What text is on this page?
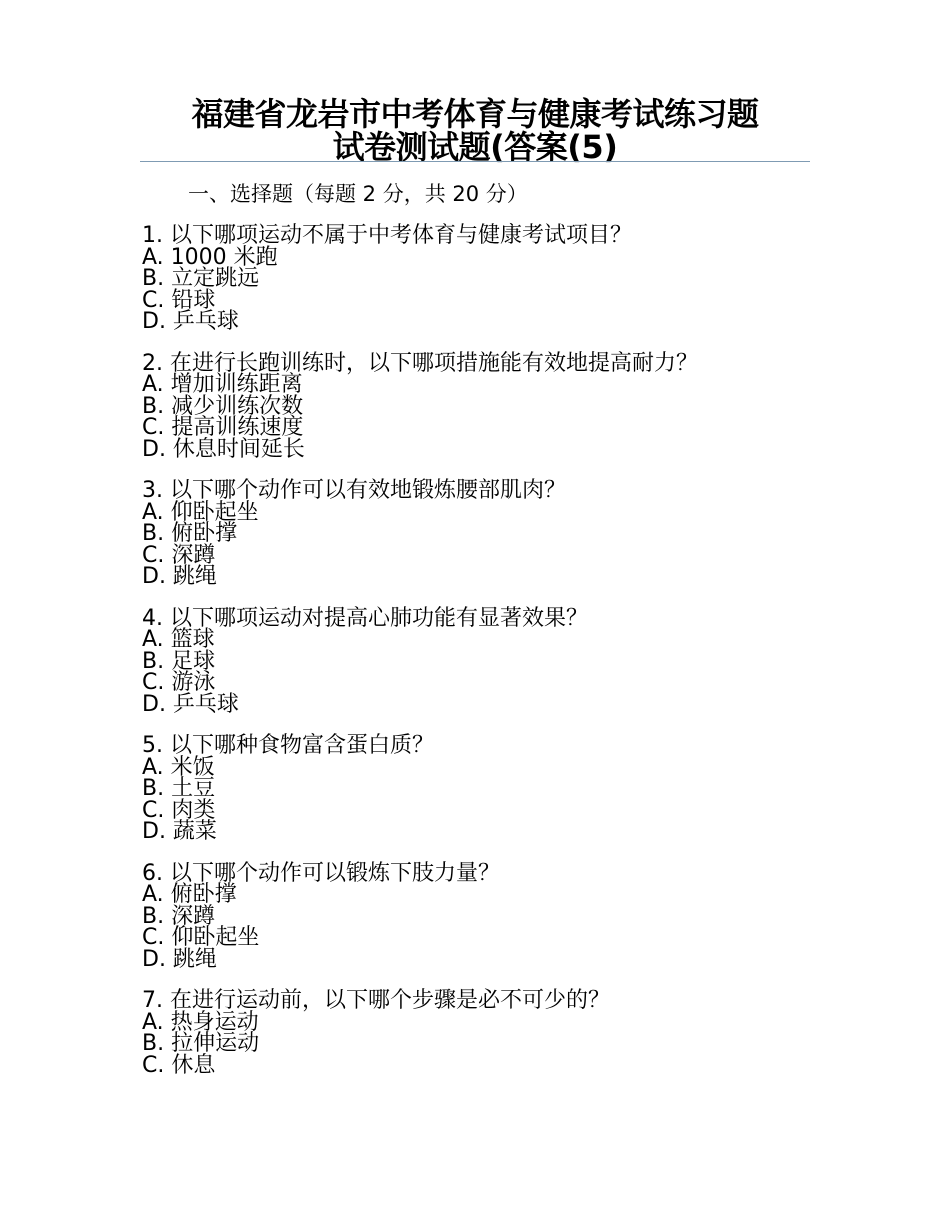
福建省龙岩市中考体育与健康考试练习题
试卷测试题(答案(5)
一、选择题（每题 2 分，共 20 分）
1. 以下哪项运动不属于中考体育与健康考试项目？
A. 1000 米跑
B. 立定跳远
C. 铅球
D. 乒乓球
2. 在进行长跑训练时，以下哪项措施能有效地提高耐力？
A. 增加训练距离
B. 减少训练次数
C. 提高训练速度
D. 休息时间延长
3. 以下哪个动作可以有效地锻炼腰部肌肉？
A. 仰卧起坐
B. 俯卧撑
C. 深蹲
D. 跳绳
4. 以下哪项运动对提高心肺功能有显著效果？
A. 篮球
B. 足球
C. 游泳
D. 乒乓球
5. 以下哪种食物富含蛋白质？
A. 米饭
B. 土豆
C. 肉类
D. 蔬菜
6. 以下哪个动作可以锻炼下肢力量？
A. 俯卧撑
B. 深蹲
C. 仰卧起坐
D. 跳绳
7. 在进行运动前，以下哪个步骤是必不可少的？
A. 热身运动
B. 拉伸运动
C. 休息
